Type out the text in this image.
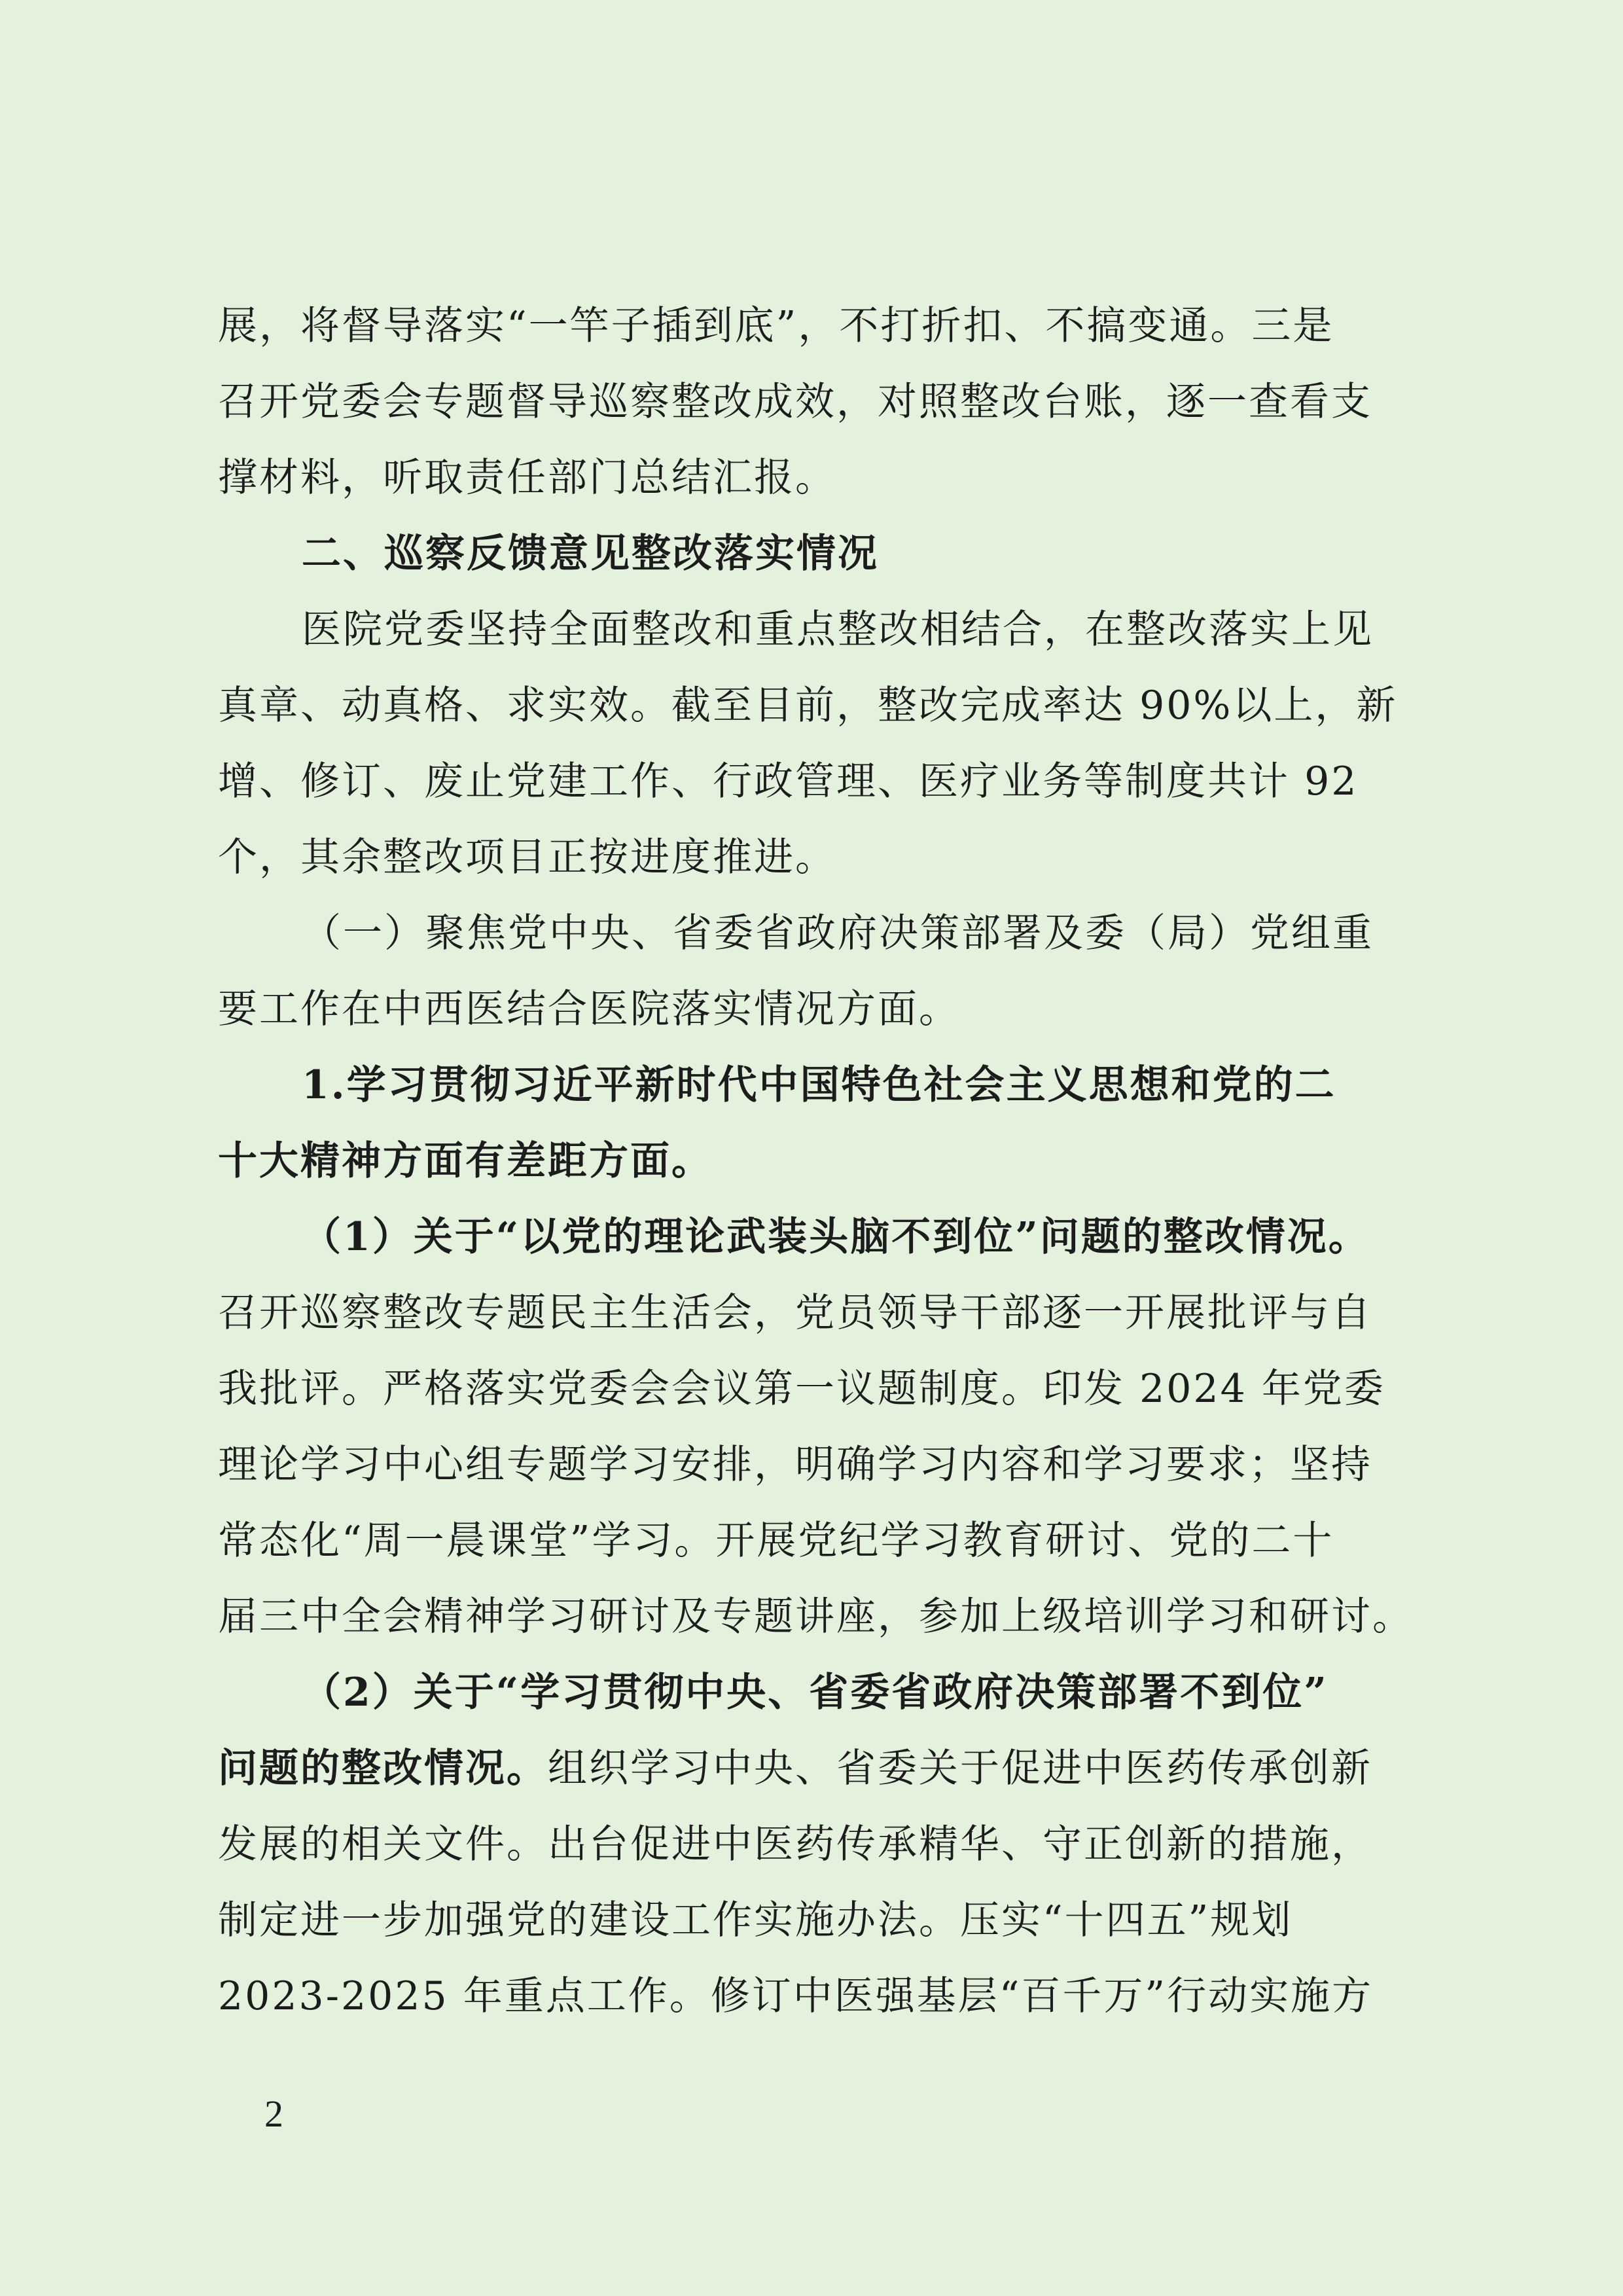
展，将督导落实“一竿子插到底”，不打折扣、不搞变通。三是
召开党委会专题督导巡察整改成效，对照整改台账，逐一查看支
撑材料，听取责任部门总结汇报。
二、巡察反馈意见整改落实情况
医院党委坚持全面整改和重点整改相结合，在整改落实上见
真章、动真格、求实效。截至目前，整改完成率达 90%以上，新
增、修订、废止党建工作、行政管理、医疗业务等制度共计 92
个，其余整改项目正按进度推进。
（一）聚焦党中央、省委省政府决策部署及委（局）党组重
要工作在中西医结合医院落实情况方面。
1.学习贯彻习近平新时代中国特色社会主义思想和党的二
十大精神方面有差距方面。
（1）关于“以党的理论武装头脑不到位”问题的整改情况。
召开巡察整改专题民主生活会，党员领导干部逐一开展批评与自
我批评。严格落实党委会会议第一议题制度。印发 2024 年党委
理论学习中心组专题学习安排，明确学习内容和学习要求；坚持
常态化“周一晨课堂”学习。开展党纪学习教育研讨、党的二十
届三中全会精神学习研讨及专题讲座，参加上级培训学习和研讨。
（2）关于“学习贯彻中央、省委省政府决策部署不到位”
问题的整改情况。组织学习中央、省委关于促进中医药传承创新
发展的相关文件。出台促进中医药传承精华、守正创新的措施，
制定进一步加强党的建设工作实施办法。压实“十四五”规划
2023-2025 年重点工作。修订中医强基层“百千万”行动实施方
2
